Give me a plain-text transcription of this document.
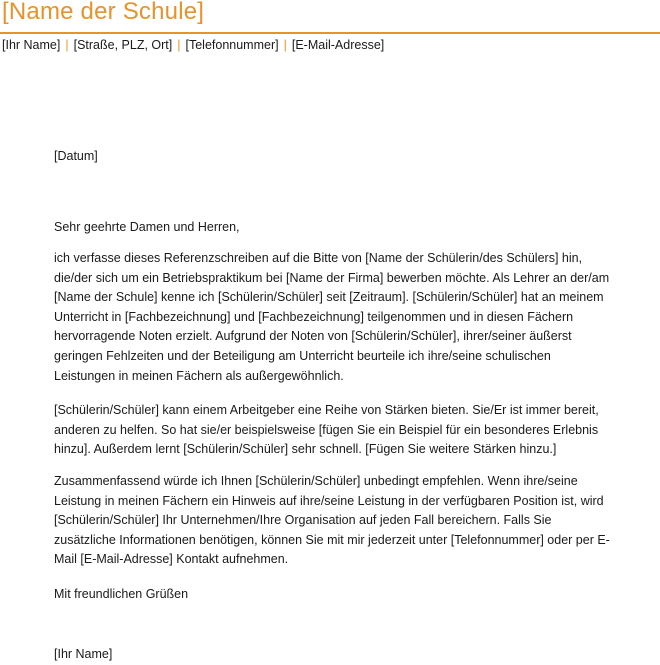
[Name der Schule]
[Ihr Name] | [Straße, PLZ, Ort] | [Telefonnummer] | [E-Mail-Adresse]

[Datum]

Sehr geehrte Damen und Herren,

ich verfasse dieses Referenzschreiben auf die Bitte von [Name der Schülerin/des Schülers] hin, die/der sich um ein Betriebspraktikum bei [Name der Firma] bewerben möchte. Als Lehrer an der/am [Name der Schule] kenne ich [Schülerin/Schüler] seit [Zeitraum]. [Schülerin/Schüler] hat an meinem Unterricht in [Fachbezeichnung] und [Fachbezeichnung] teilgenommen und in diesen Fächern hervorragende Noten erzielt. Aufgrund der Noten von [Schülerin/Schüler], ihrer/seiner äußerst geringen Fehlzeiten und der Beteiligung am Unterricht beurteile ich ihre/seine schulischen Leistungen in meinen Fächern als außergewöhnlich.

[Schülerin/Schüler] kann einem Arbeitgeber eine Reihe von Stärken bieten. Sie/Er ist immer bereit, anderen zu helfen. So hat sie/er beispielsweise [fügen Sie ein Beispiel für ein besonderes Erlebnis hinzu]. Außerdem lernt [Schülerin/Schüler] sehr schnell. [Fügen Sie weitere Stärken hinzu.]

Zusammenfassend würde ich Ihnen [Schülerin/Schüler] unbedingt empfehlen. Wenn ihre/seine Leistung in meinen Fächern ein Hinweis auf ihre/seine Leistung in der verfügbaren Position ist, wird [Schülerin/Schüler] Ihr Unternehmen/Ihre Organisation auf jeden Fall bereichern. Falls Sie zusätzliche Informationen benötigen, können Sie mit mir jederzeit unter [Telefonnummer] oder per E-Mail [E-Mail-Adresse] Kontakt aufnehmen.

Mit freundlichen Grüßen

[Ihr Name]
